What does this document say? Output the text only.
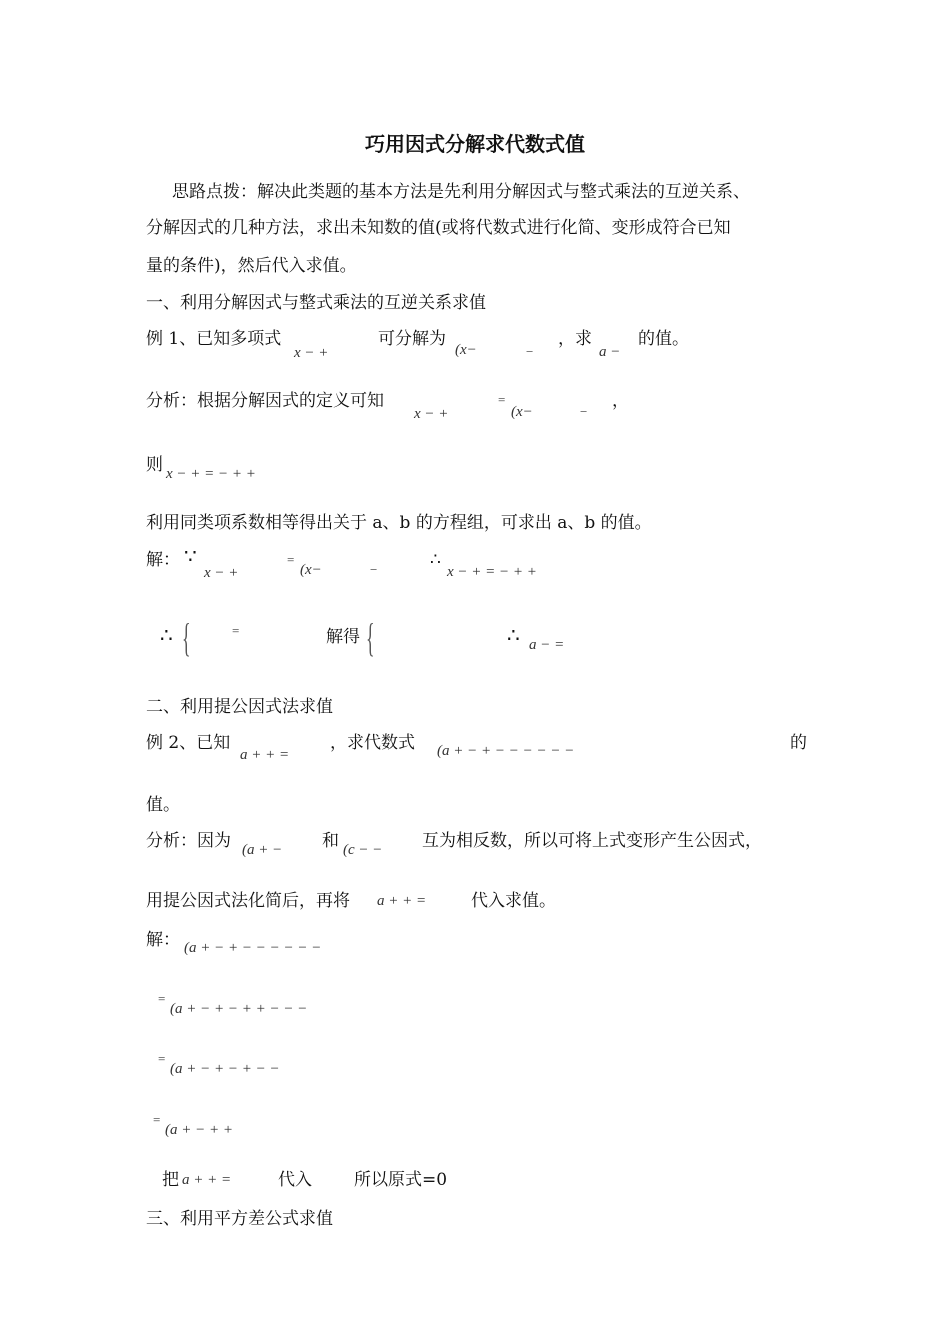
巧用因式分解求代数式值
思路点拨：解决此类题的基本方法是先利用分解因式与整式乘法的互逆关系、
分解因式的几种方法，求出未知数的值(或将代数式进行化简、变形成符合已知
量的条件)，然后代入求值。
一、利用分解因式与整式乘法的互逆关系求值
例 1、已知多项式
x − +
可分解为
(x−	−
，求
a −
的值。
分析：根据分解因式的定义可知
x − +
=
(x−	−
，
则 x − + = − + +
利用同类项系数相等得出关于 a、b 的方程组，可求出 a、b 的值。
解： ∵
x − +
=
(x−	−	∴
x − + = − + +
∴ {	=	解得 {	∴ a − =
二、利用提公因式法求值
例 2、已知
a + + =
，求代数式 (a + − + − − − − − −	的
值。
分析：因为 (a + − 和 (c − − 互为相反数，所以可将上式变形产生公因式，
用提公因式法化简后，再将 a + + =	代入求值。
解： (a + − + − − − − − −
=
(a + − + − + + − − −
=
(a + − + − + − −
=
(a + − + +
把 a + + =	代入 所以原式=0
三、利用平方差公式求值
